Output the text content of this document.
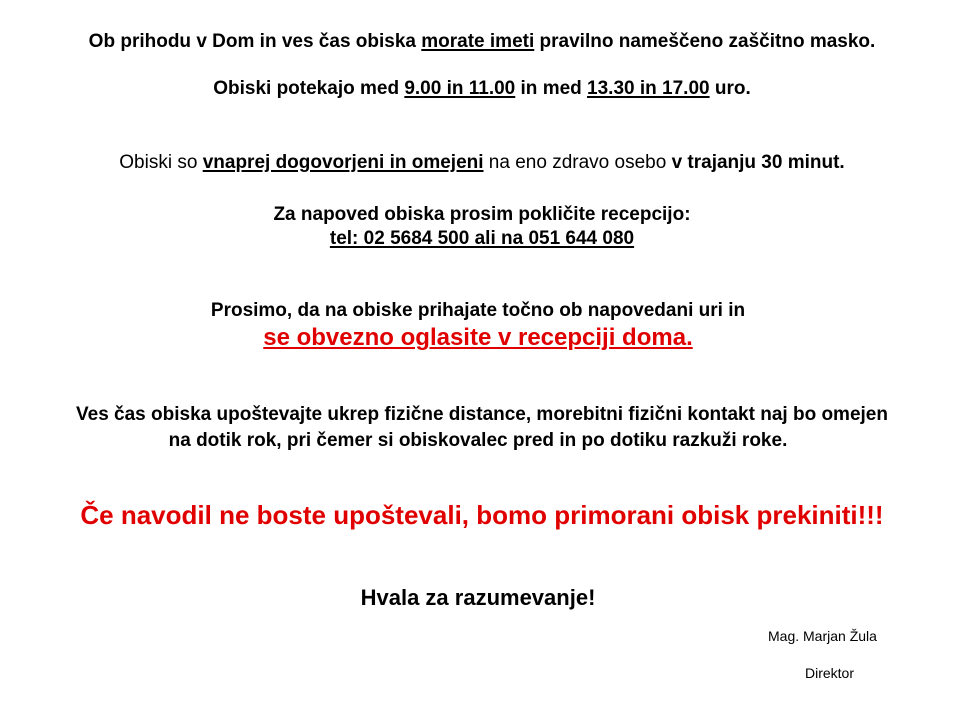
Ob prihodu v Dom in ves čas obiska morate imeti pravilno nameščeno zaščitno masko.
Obiski potekajo med 9.00 in 11.00 in med 13.30 in 17.00 uro.
Obiski so vnaprej dogovorjeni in omejeni na eno zdravo osebo v trajanju 30 minut.
Za napoved obiska prosim pokličite recepcijo:
tel: 02 5684 500 ali na 051 644 080
Prosimo, da na obiske prihajate točno ob napovedani uri in
se obvezno oglasite v recepciji doma.
Ves čas obiska upoštevajte ukrep fizične distance, morebitni fizični kontakt naj bo omejen
na dotik rok, pri čemer si obiskovalec pred in po dotiku razkuži roke.
Če navodil ne boste upoštevali, bomo primorani obisk prekiniti!!!
Hvala za razumevanje!
Mag. Marjan Žula
Direktor
